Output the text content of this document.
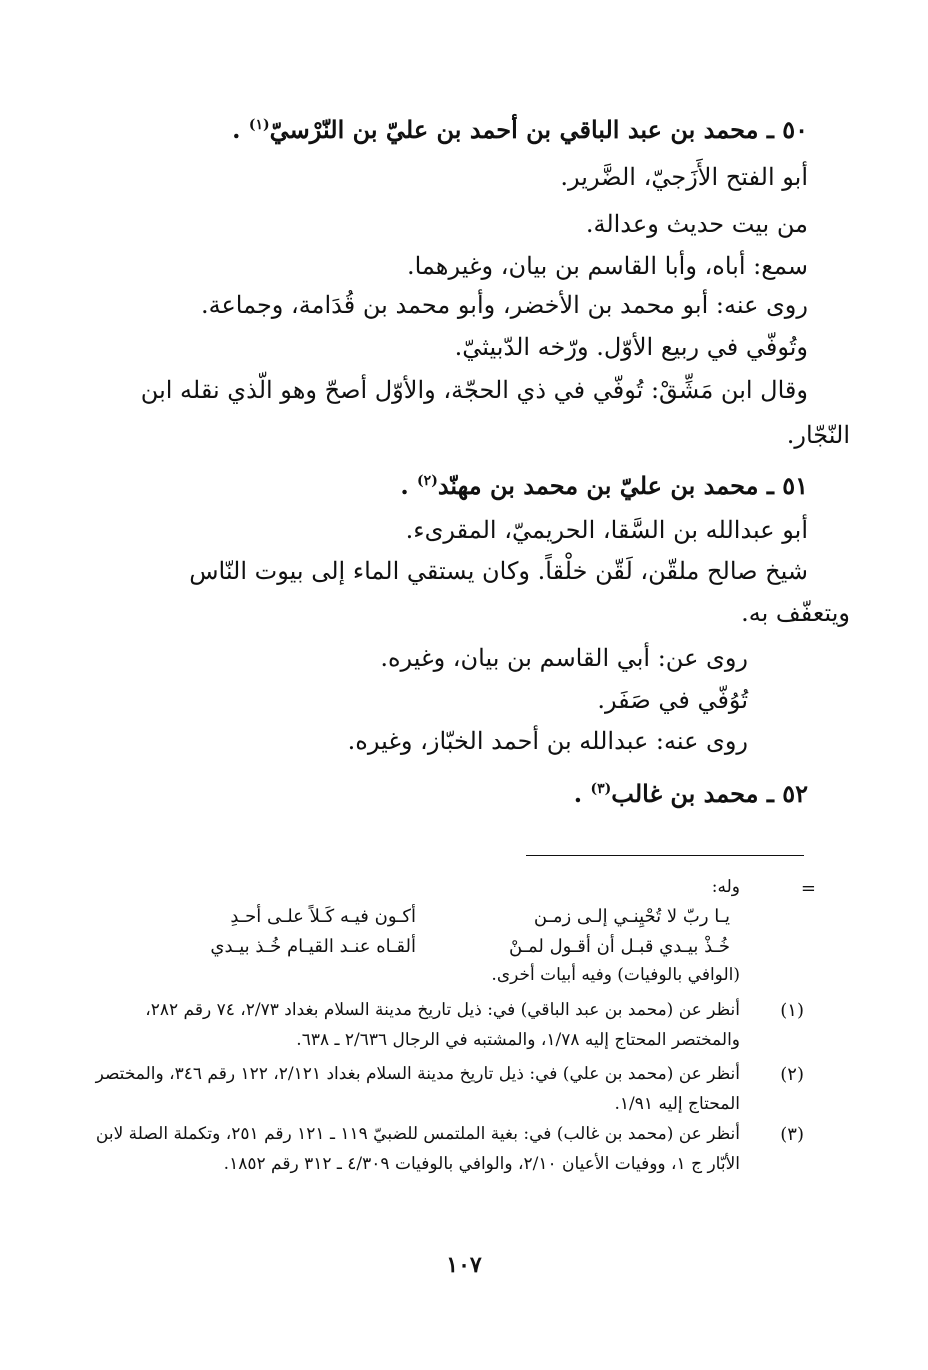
٥٠ ـ محمد بن عبد الباقي بن أحمد بن عليّ بن النّرْسيّ$^{(١)}$ .
أبو الفتح الأَزَجيّ، الضَّرير.
من بيت حديث وعدالة.
سمع: أباه، وأبا القاسم بن بيان، وغيرهما.
روى عنه: أبو محمد بن الأخضر، وأبو محمد بن قُدَامة، وجماعة.
وتُوفّي في ربيع الأوّل. ورّخه الدّبيثيّ.
وقال ابن مَشِّقْ: تُوفّي في ذي الحجّة، والأوّل أصحّ وهو الّذي نقله ابن
النّجّار.
٥١ ـ محمد بن عليّ بن محمد بن مهنّد$^{(٢)}$ .
أبو عبدالله بن السَّقا، الحريميّ، المقرىء.
شيخ صالح ملقّن، لَقّن خلْقاً. وكان يستقي الماء إلى بيوت النّاس
ويتعفّف به.
روى عن: أبي القاسم بن بيان، وغيره.
تُوُفّي في صَفَر.
روى عنه: عبدالله بن أحمد الخبّاز، وغيره.
٥٢ ـ محمد بن غالب$^{(٣)}$ .
=
وله:
يـا ربّ لا تُحْيِنـي إلـى زمـن
أكـون فيـه كَـلاً علـى أحـدِ
خُـذْ بيـدي قبـل أن أقـول لمـنْ
ألقـاه عنـد القيـام خُـذ بيـدي
(الوافي بالوفيات) وفيه أبيات أخرى.
(١)
أنظر عن (محمد بن عبد الباقي) في: ذيل تاريخ مدينة السلام بغداد ٢/٧٣، ٧٤ رقم ٢٨٢، والمختصر المحتاج إليه ١/٧٨، والمشتبه في الرجال ٢/٦٣٦ ـ ٦٣٨.
(٢)
أنظر عن (محمد بن علي) في: ذيل تاريخ مدينة السلام بغداد ٢/١٢١، ١٢٢ رقم ٣٤٦، والمختصر المحتاج إليه ١/٩١.
(٣)
أنظر عن (محمد بن غالب) في: بغية الملتمس للضبيّ ١١٩ ـ ١٢١ رقم ٢٥١، وتكملة الصلة لابن الأبّار ج ١، ووفيات الأعيان ٢/١٠، والوافي بالوفيات ٤/٣٠٩ ـ ٣١٢ رقم ١٨٥٢.
١٠٧
